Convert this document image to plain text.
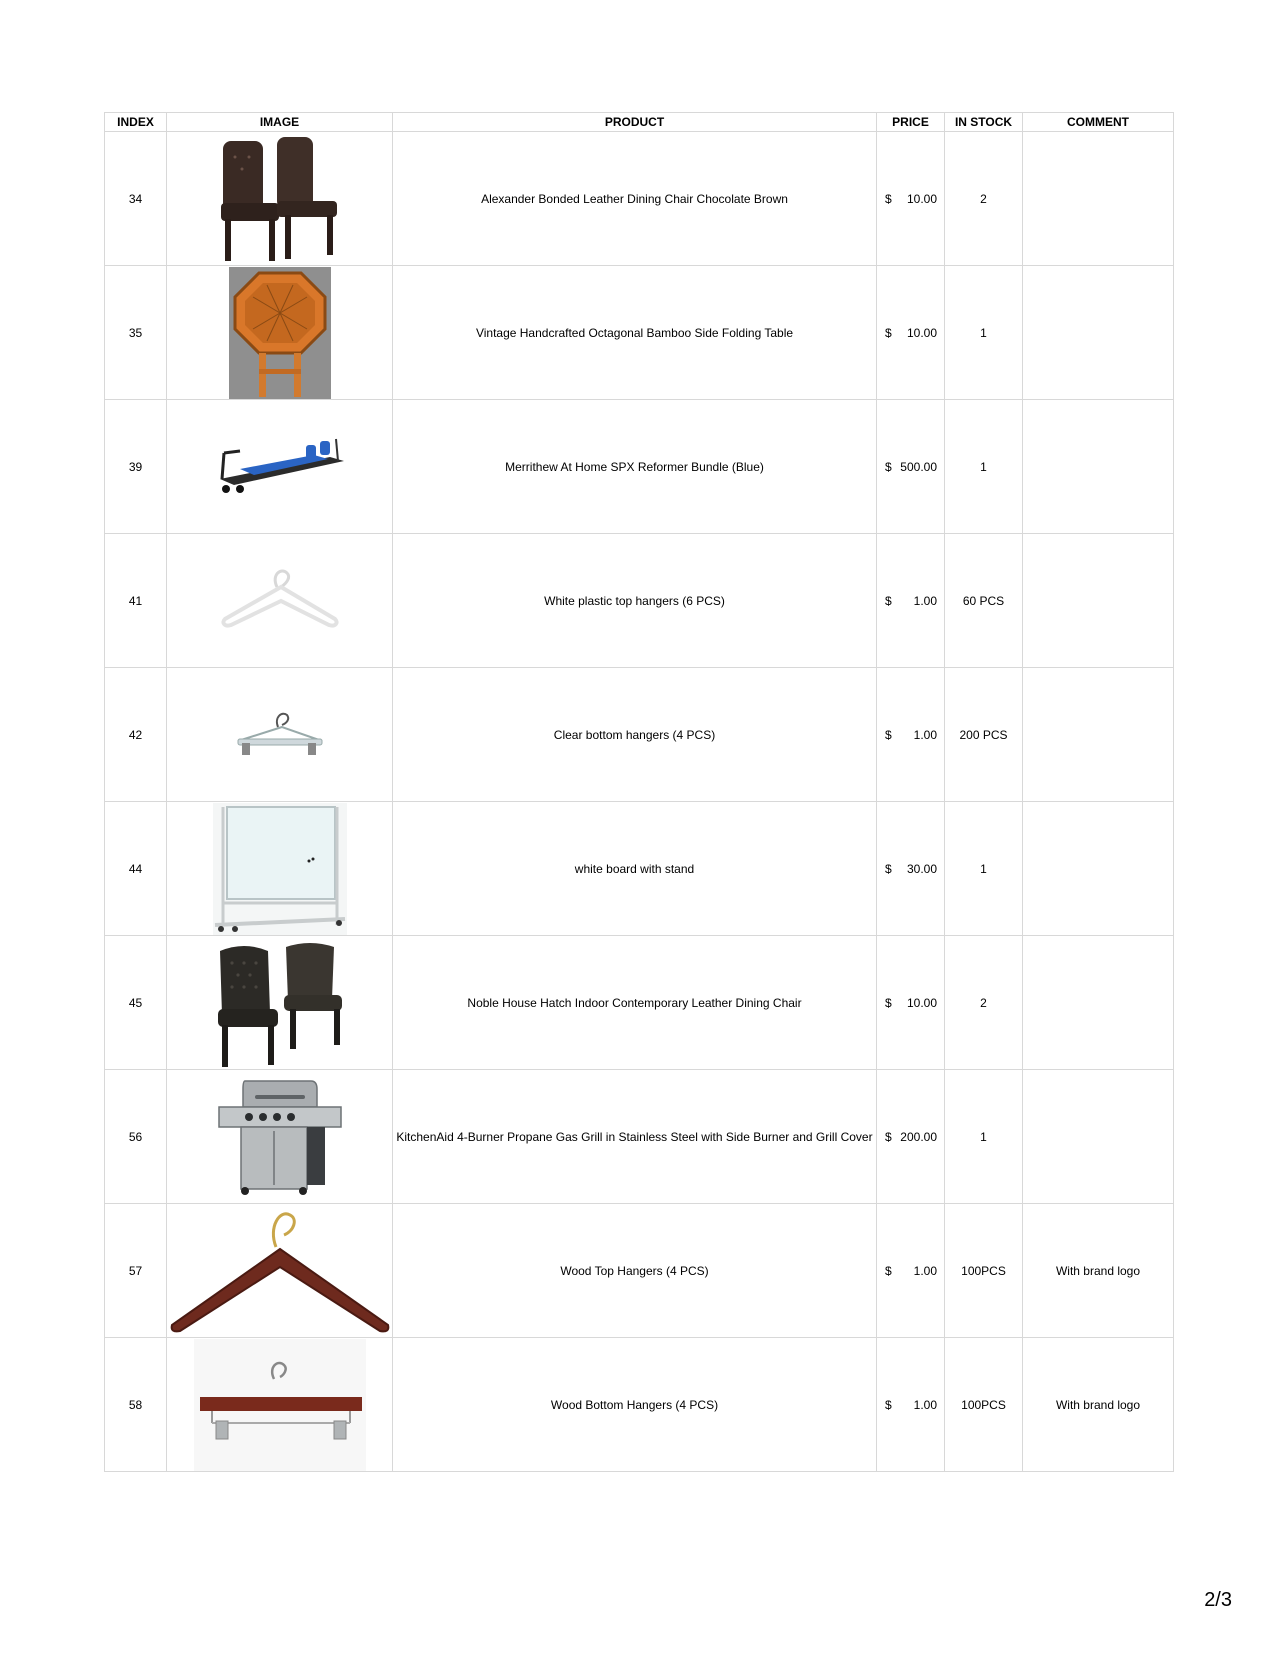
INDEX	IMAGE	PRODUCT	PRICE	IN STOCK	COMMENT
34		Alexander Bonded Leather Dining Chair Chocolate Brown	$ 10.00	2	
35		Vintage Handcrafted Octagonal Bamboo Side Folding Table	$ 10.00	1	
39		Merrithew At Home SPX Reformer Bundle (Blue)	$ 500.00	1	
41		White plastic top hangers (6 PCS)	$ 1.00	60 PCS	
42		Clear bottom hangers (4 PCS)	$ 1.00	200 PCS	
44		white board with stand	$ 30.00	1	
45		Noble House Hatch Indoor Contemporary Leather Dining Chair	$ 10.00	2	
56		KitchenAid 4-Burner Propane Gas Grill in Stainless Steel with Side Burner and Grill Cover	$ 200.00	1	
57		Wood Top Hangers (4 PCS)	$ 1.00	100PCS	With brand logo
58		Wood Bottom Hangers (4 PCS)	$ 1.00	100PCS	With brand logo
2/3
